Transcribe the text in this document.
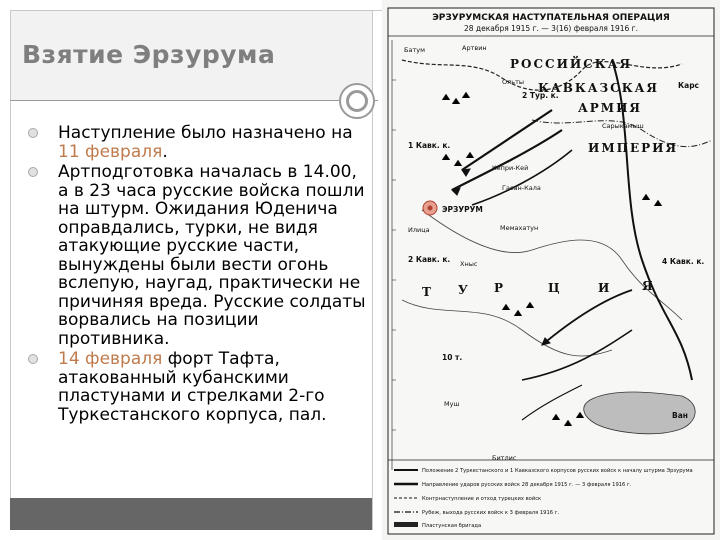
Взятие Эрзурума
Наступление было назначено на 11 февраля.
Артподготовка началась в 14.00, а в 23 часа русские войска пошли на штурм. Ожидания Юденича оправдались, турки, не видя атакующие русские части, вынуждены были вести огонь вслепую, наугад, практически не причиняя вреда. Русские солдаты ворвались на позиции противника.
14 февраля форт Тафта, атакованный кубанскими пластунами и стрелками 2-го Туркестанского корпуса, пал.
ЭРЗУРУМСКАЯ НАСТУПАТЕЛЬНАЯ ОПЕРАЦИЯ
28 декабря 1915 г. — 3(16) февраля 1916 г.
РОССИЙСКАЯ
КАВКАЗСКАЯ
АРМИЯ
ИМПЕРИЯ
Т У Р	Ц	И	Я
Батум	Артвин
Ольты	Карс
Сарыкамыш
Кепри-Кей
Гасан-Кала
ЭРЗУРУМ
Илица	Мемахатун
Хныс
Муш
Битлис
Ван
2 Тур. к.
1 Кавк. к.
2 Кавк. к.	4 Кавк. к.
10 т.
Положение 2 Туркестанского и 1 Кавказского корпусов русских войск к началу штурма Эрзурума
Направление ударов русских войск 28 декабря 1915 г. — 3 февраля 1916 г.
Контрнаступление и отход турецких войск
Рубеж, выхода русских войск к 3 февраля 1916 г.
Пластунская бригада
